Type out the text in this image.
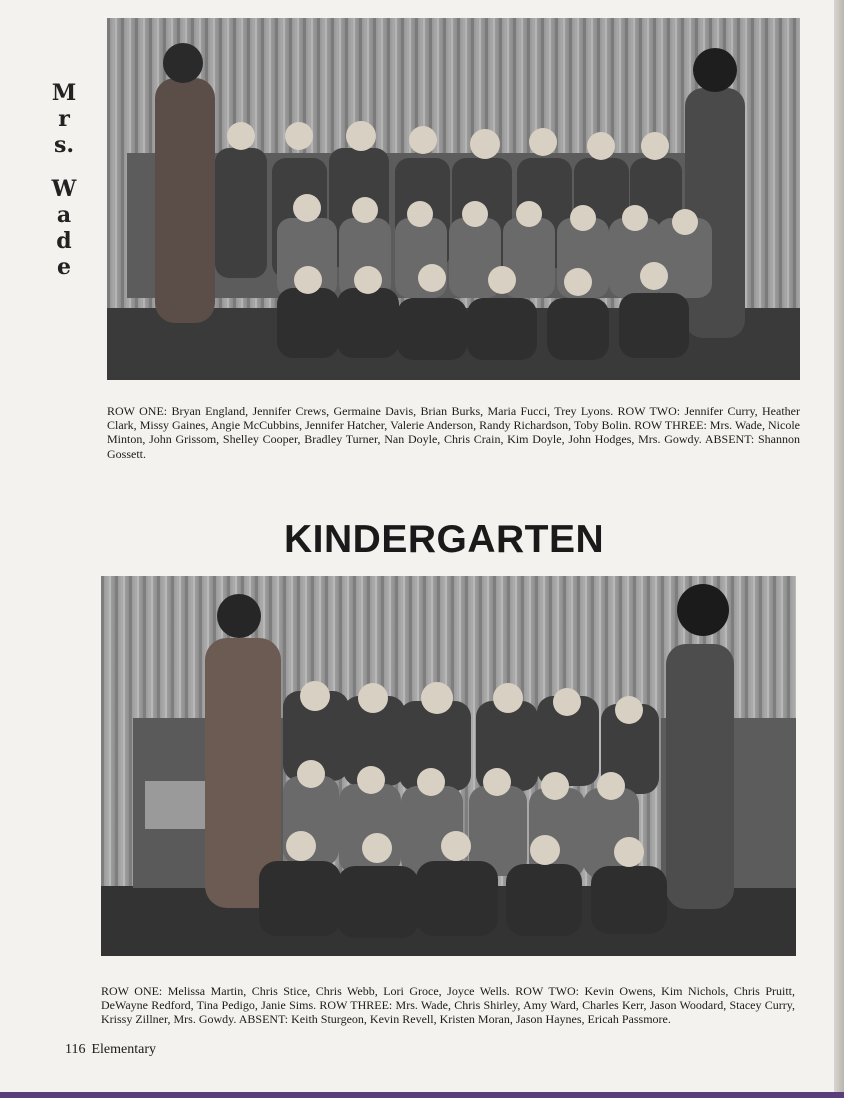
M
r
s.
W
a
d
e

ROW ONE: Bryan England, Jennifer Crews, Germaine Davis, Brian Burks, Maria Fucci, Trey Lyons. ROW TWO: Jennifer Curry, Heather Clark, Missy Gaines, Angie McCubbins, Jennifer Hatcher, Valerie Anderson, Randy Richardson, Toby Bolin. ROW THREE: Mrs. Wade, Nicole Minton, John Grissom, Shelley Cooper, Bradley Turner, Nan Doyle, Chris Crain, Kim Doyle, John Hodges, Mrs. Gowdy. ABSENT: Shannon Gossett.

KINDERGARTEN

ROW ONE: Melissa Martin, Chris Stice, Chris Webb, Lori Groce, Joyce Wells. ROW TWO: Kevin Owens, Kim Nichols, Chris Pruitt, DeWayne Redford, Tina Pedigo, Janie Sims. ROW THREE: Mrs. Wade, Chris Shirley, Amy Ward, Charles Kerr, Jason Woodard, Stacey Curry, Krissy Zillner, Mrs. Gowdy. ABSENT: Keith Sturgeon, Kevin Revell, Kristen Moran, Jason Haynes, Ericah Passmore.

116 Elementary
